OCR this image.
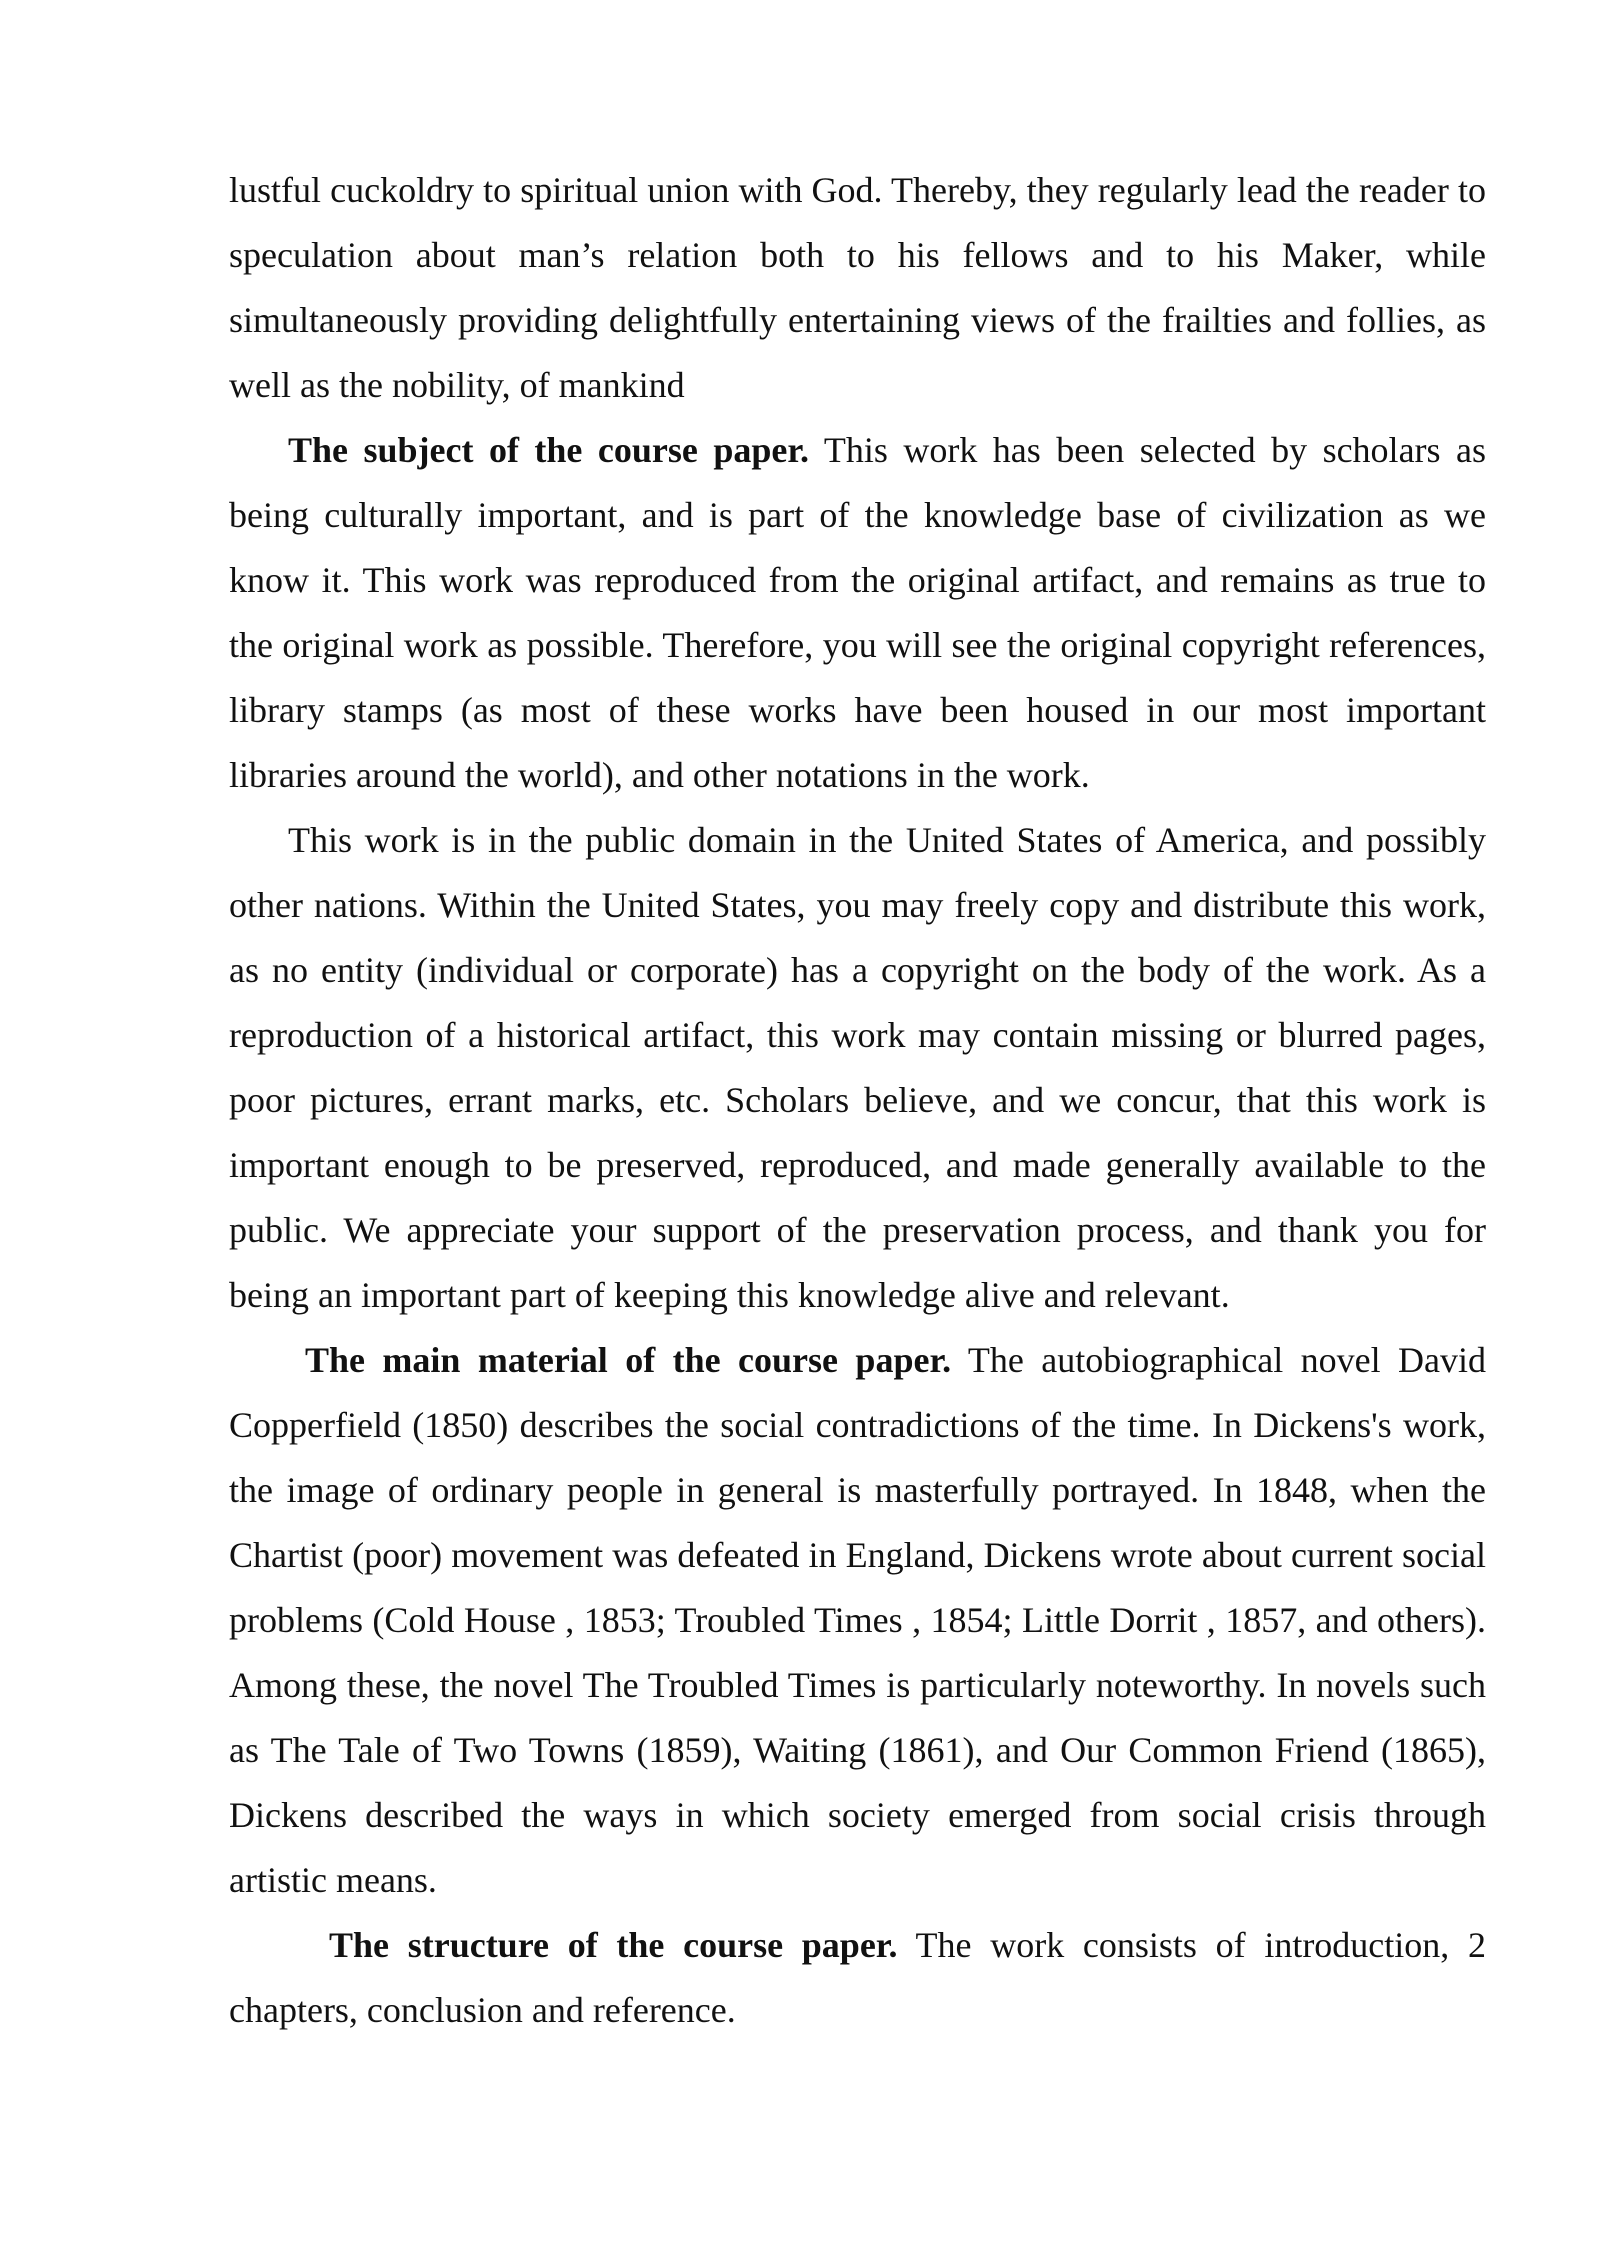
lustful cuckoldry to spiritual union with God. Thereby, they regularly lead the reader to speculation about man’s relation both to his fellows and to his Maker, while simultaneously providing delightfully entertaining views of the frailties and follies, as well as the nobility, of mankind

The subject of the course paper. This work has been selected by scholars as being culturally important, and is part of the knowledge base of civilization as we know it. This work was reproduced from the original artifact, and remains as true to the original work as possible. Therefore, you will see the original copyright references, library stamps (as most of these works have been housed in our most important libraries around the world), and other notations in the work.

This work is in the public domain in the United States of America, and possibly other nations. Within the United States, you may freely copy and distribute this work, as no entity (individual or corporate) has a copyright on the body of the work. As a reproduction of a historical artifact, this work may contain missing or blurred pages, poor pictures, errant marks, etc. Scholars believe, and we concur, that this work is important enough to be preserved, reproduced, and made generally available to the public. We appreciate your support of the preservation process, and thank you for being an important part of keeping this knowledge alive and relevant.

The main material of the course paper. The autobiographical novel David Copperfield (1850) describes the social contradictions of the time. In Dickens's work, the image of ordinary people in general is masterfully portrayed. In 1848, when the Chartist (poor) movement was defeated in England, Dickens wrote about current social problems (Cold House , 1853; Troubled Times , 1854; Little Dorrit , 1857, and others). Among these, the novel The Troubled Times is particularly noteworthy. In novels such as The Tale of Two Towns (1859), Waiting (1861), and Our Common Friend (1865), Dickens described the ways in which society emerged from social crisis through artistic means.

The structure of the course paper. The work consists of introduction, 2 chapters, conclusion and reference.
